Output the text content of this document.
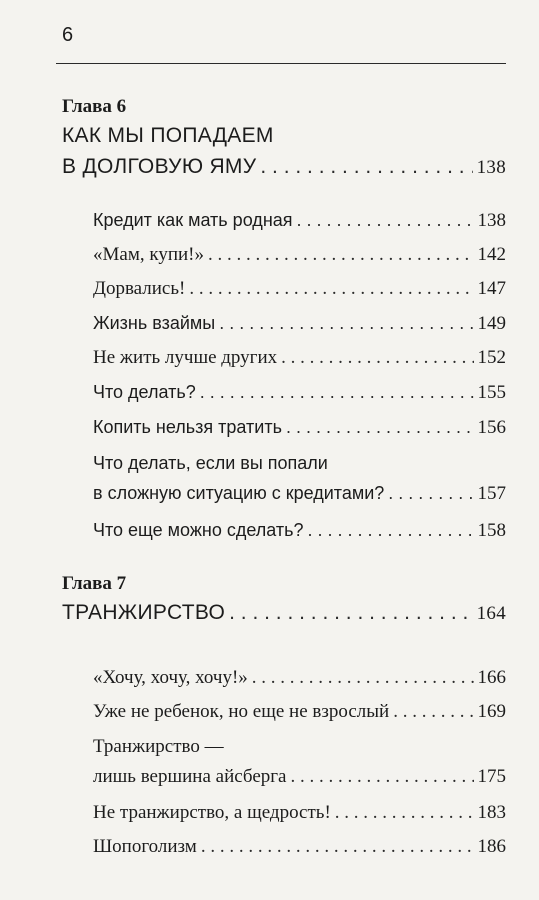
6
Глава 6
КАК МЫ ПОПАДАЕМ
В ДОЛГОВУЮ ЯМУ . . .	138
Кредит как мать родная . . .	138
«Мам, купи!» . . .	142
Дорвались! . . .	147
Жизнь взаймы . . .	149
Не жить лучше других . . .	152
Что делать? . . .	155
Копить нельзя тратить . . .	156
Что делать, если вы попали
в сложную ситуацию с кредитами? . . .	157
Что еще можно сделать? . . .	158
Глава 7
ТРАНЖИРСТВО . . .	164
«Хочу, хочу, хочу!» . . .	166
Уже не ребенок, но еще не взрослый . . .	169
Транжирство —
лишь вершина айсберга . . .	175
Не транжирство, а щедрость! . . .	183
Шопоголизм . . .	186
